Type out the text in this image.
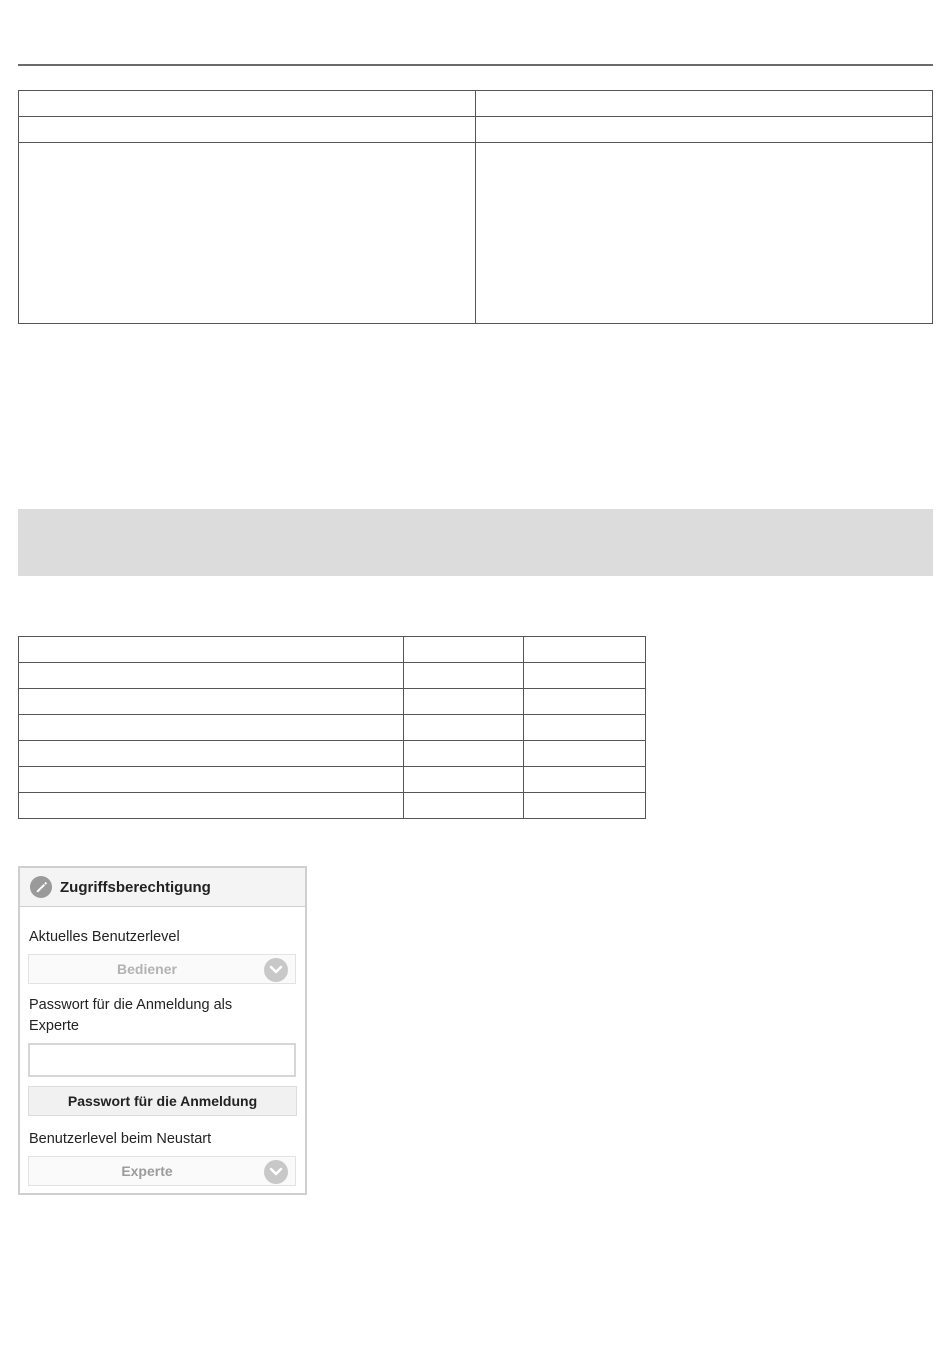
Zugriffsberechtigung
Aktuelles Benutzerlevel
Bediener
Passwort für die Anmeldung als Experte
Passwort für die Anmeldung
Benutzerlevel beim Neustart
Experte
